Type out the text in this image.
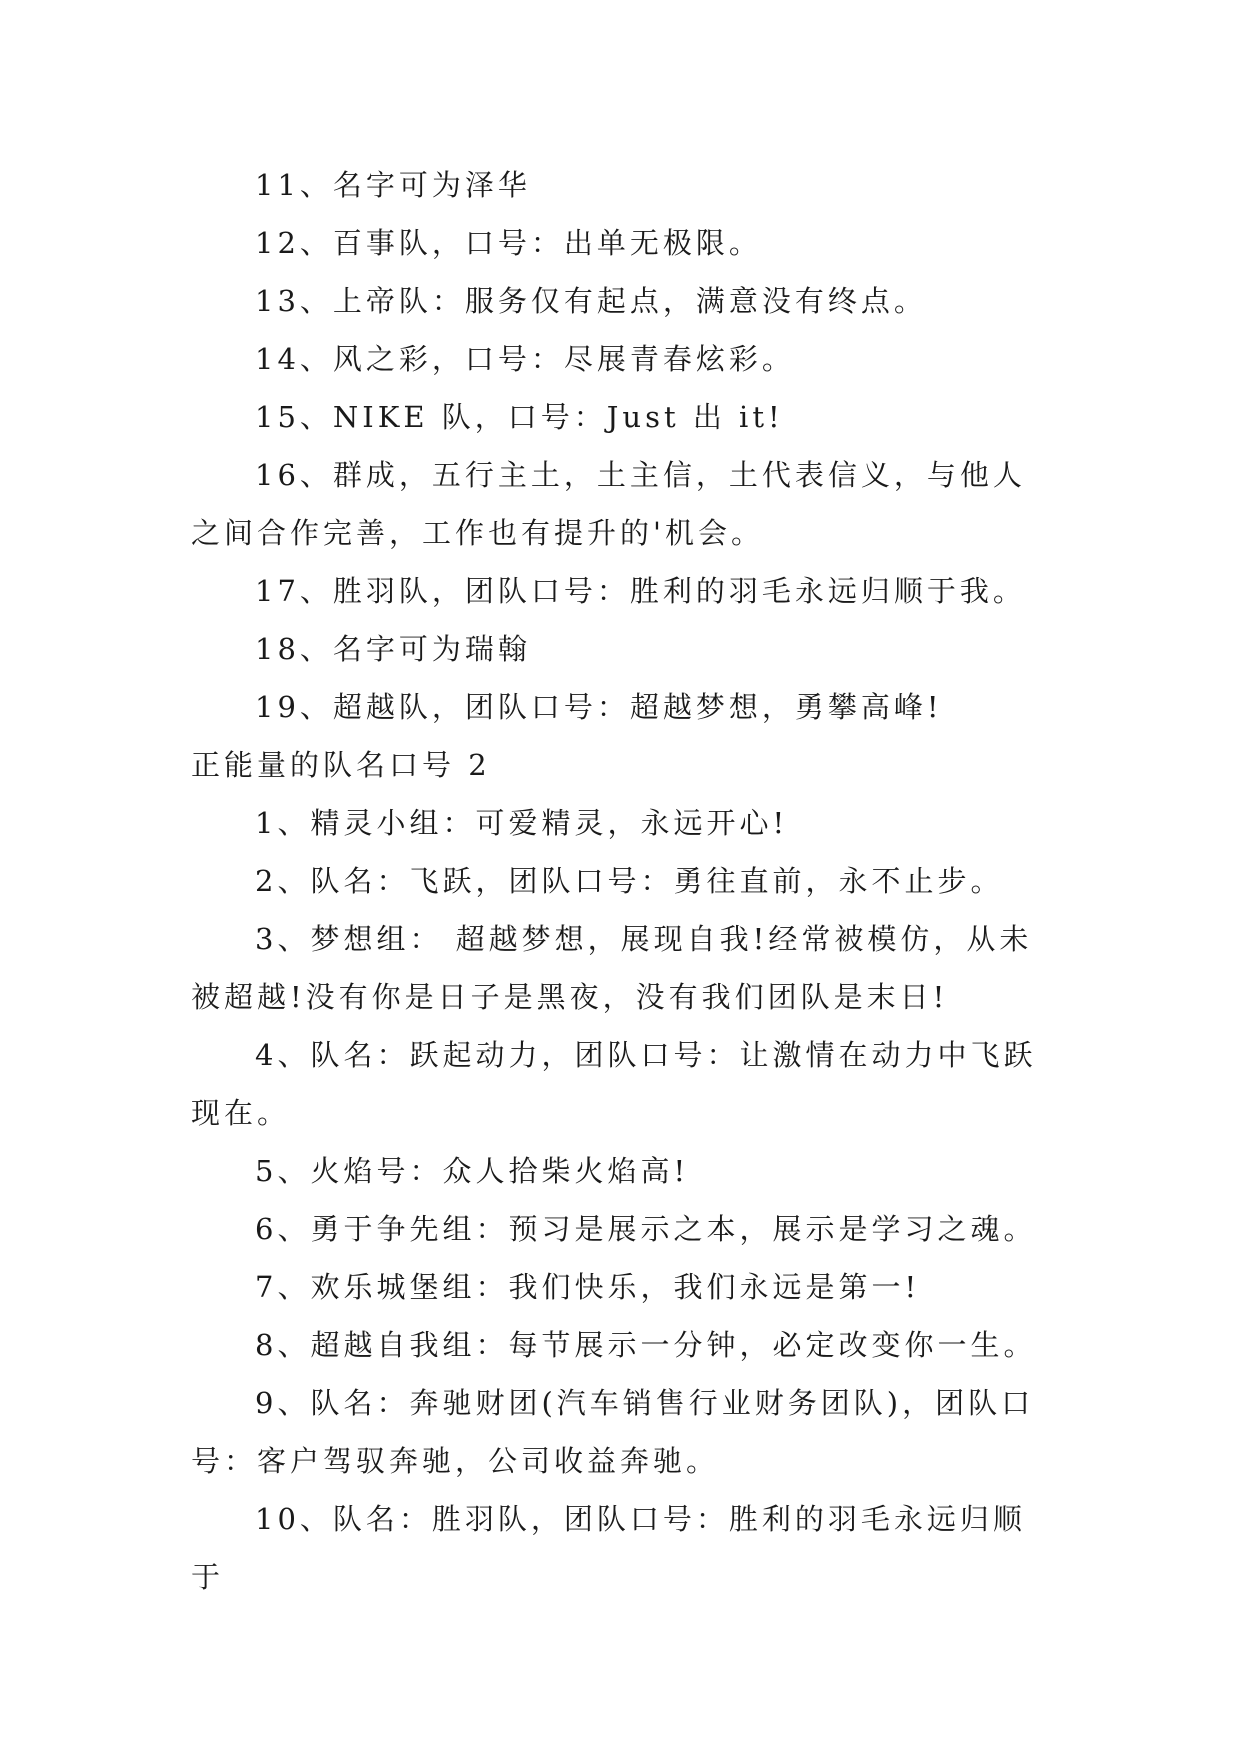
11、名字可为泽华

12、百事队，口号：出单无极限。

13、上帝队：服务仅有起点，满意没有终点。

14、风之彩，口号：尽展青春炫彩。

15、NIKE 队，口号：Just 出 it!

16、群成，五行主土，土主信，土代表信义，与他人之间合作完善，工作也有提升的'机会。

17、胜羽队，团队口号：胜利的羽毛永远归顺于我。

18、名字可为瑞翰

19、超越队，团队口号：超越梦想，勇攀高峰!

正能量的队名口号 2

1、精灵小组：可爱精灵，永远开心!

2、队名：飞跃，团队口号：勇往直前，永不止步。

3、梦想组： 超越梦想，展现自我!经常被模仿，从未被超越!没有你是日子是黑夜，没有我们团队是末日!

4、队名：跃起动力，团队口号：让激情在动力中飞跃现在。

5、火焰号：众人拾柴火焰高!

6、勇于争先组：预习是展示之本，展示是学习之魂。

7、欢乐城堡组：我们快乐，我们永远是第一!

8、超越自我组：每节展示一分钟，必定改变你一生。

9、队名：奔驰财团(汽车销售行业财务团队)，团队口号：客户驾驭奔驰，公司收益奔驰。

10、队名：胜羽队，团队口号：胜利的羽毛永远归顺于
